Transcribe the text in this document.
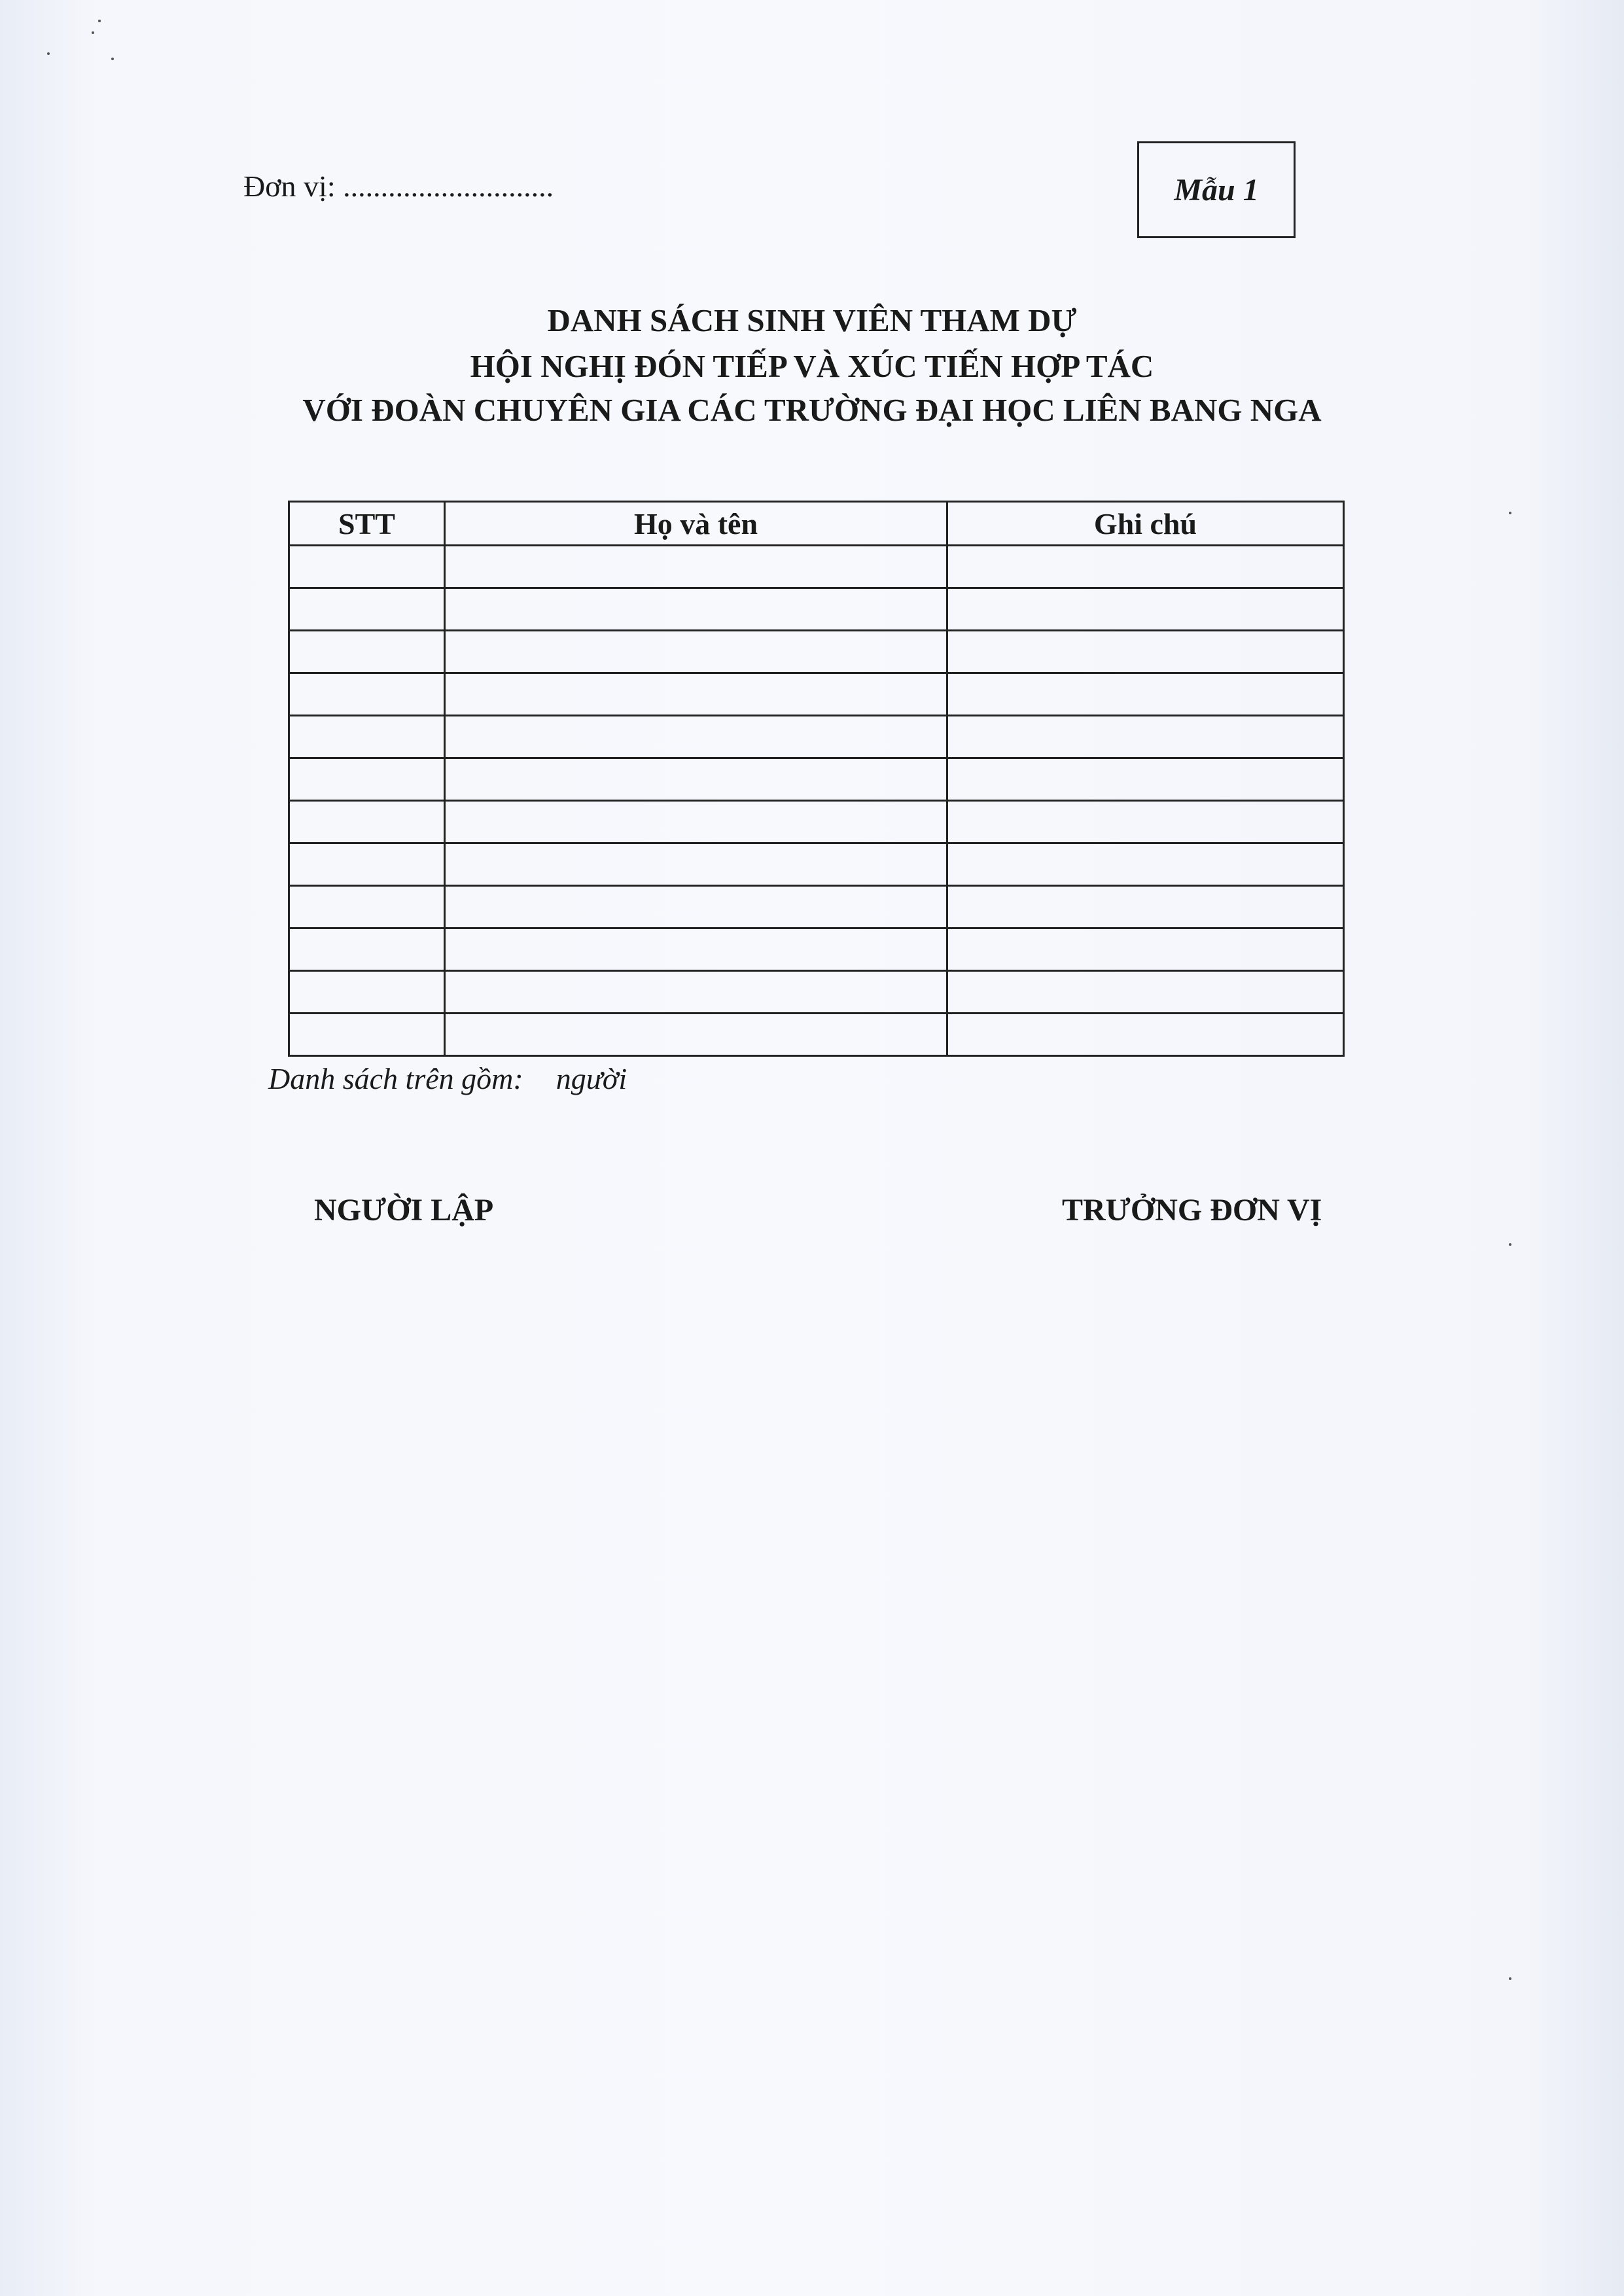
Đơn vị: ............................	Mẫu 1
DANH SÁCH SINH VIÊN THAM DỰ
HỘI NGHỊ ĐÓN TIẾP VÀ XÚC TIẾN HỢP TÁC
VỚI ĐOÀN CHUYÊN GIA CÁC TRƯỜNG ĐẠI HỌC LIÊN BANG NGA
STT	Họ và tên	Ghi chú

Danh sách trên gồm: người
NGƯỜI LẬP	TRƯỞNG ĐƠN VỊ
